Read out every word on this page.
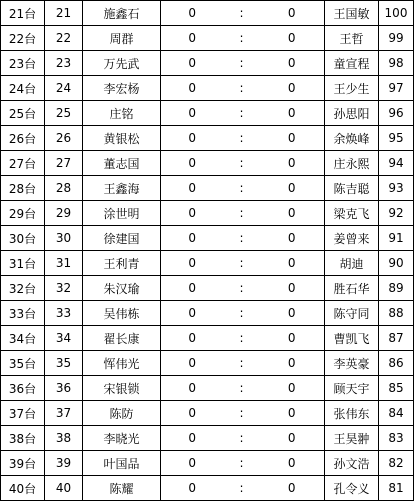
21台	21	施鑫石	0	:	0	王国敏	100
22台	22	周群	0	:	0	王哲	99
23台	23	万先武	0	:	0	童宣程	98
24台	24	李宏杨	0	:	0	王少生	97
25台	25	庄铭	0	:	0	孙思阳	96
26台	26	黄银松	0	:	0	余焕峰	95
27台	27	董志国	0	:	0	庄永熙	94
28台	28	王鑫海	0	:	0	陈吉聪	93
29台	29	涂世明	0	:	0	梁克飞	92
30台	30	徐建国	0	:	0	姜曾来	91
31台	31	王利青	0	:	0	胡迪	90
32台	32	朱汉瑜	0	:	0	胜石华	89
33台	33	吴伟栋	0	:	0	陈守同	88
34台	34	翟长康	0	:	0	曹凯飞	87
35台	35	恽伟光	0	:	0	李英豪	86
36台	36	宋银锁	0	:	0	顾天宇	85
37台	37	陈防	0	:	0	张伟东	84
38台	38	李晓光	0	:	0	王昊翀	83
39台	39	叶国品	0	:	0	孙文浩	82
40台	40	陈耀	0	:	0	孔令义	81
